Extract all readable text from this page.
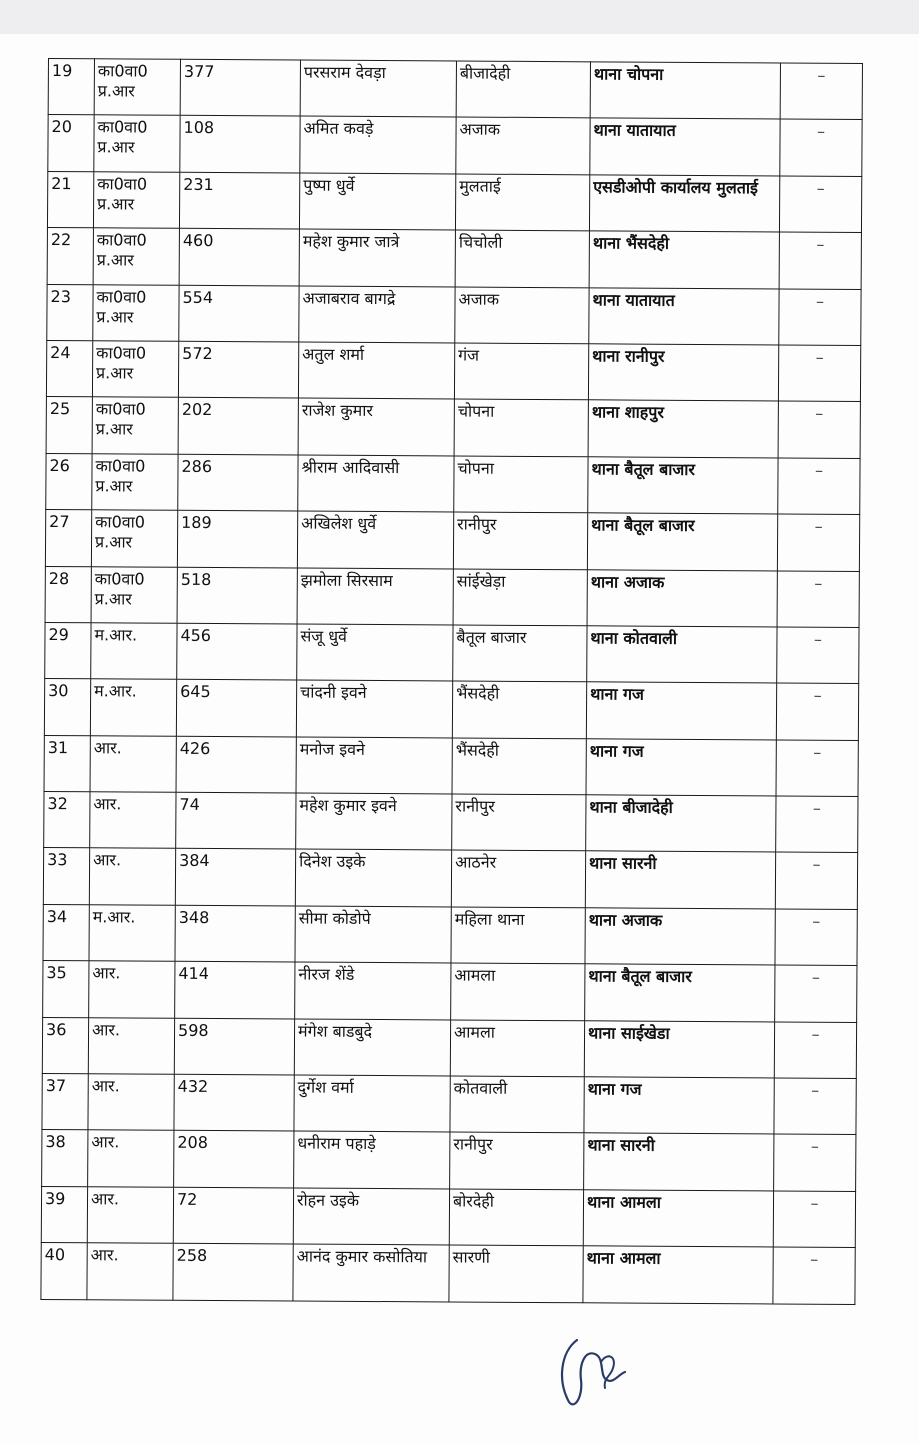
19	का0वा0 प्र.आर	377	परसराम देवड़ा	बीजादेही	थाना चोपना	–
20	का0वा0 प्र.आर	108	अमित कवड़े	अजाक	थाना यातायात	–
21	का0वा0 प्र.आर	231	पुष्पा धुर्वे	मुलताई	एसडीओपी कार्यालय मुलताई	–
22	का0वा0 प्र.आर	460	महेश कुमार जात्रे	चिचोली	थाना भैंसदेही	–
23	का0वा0 प्र.आर	554	अजाबराव बागद्रे	अजाक	थाना यातायात	–
24	का0वा0 प्र.आर	572	अतुल शर्मा	गंज	थाना रानीपुर	–
25	का0वा0 प्र.आर	202	राजेश कुमार	चोपना	थाना शाहपुर	–
26	का0वा0 प्र.आर	286	श्रीराम आदिवासी	चोपना	थाना बैतूल बाजार	–
27	का0वा0 प्र.आर	189	अखिलेश धुर्वे	रानीपुर	थाना बैतूल बाजार	–
28	का0वा0 प्र.आर	518	झमोला सिरसाम	सांईखेड़ा	थाना अजाक	–
29	म.आर.	456	संजू धुर्वे	बैतूल बाजार	थाना कोतवाली	–
30	म.आर.	645	चांदनी इवने	भैंसदेही	थाना गज	–
31	आर.	426	मनोज इवने	भैंसदेही	थाना गज	–
32	आर.	74	महेश कुमार इवने	रानीपुर	थाना बीजादेही	–
33	आर.	384	दिनेश उइके	आठनेर	थाना सारनी	–
34	म.आर.	348	सीमा कोडोपे	महिला थाना	थाना अजाक	–
35	आर.	414	नीरज शेंडे	आमला	थाना बैतूल बाजार	–
36	आर.	598	मंगेश बाडबुदे	आमला	थाना साईखेडा	–
37	आर.	432	दुर्गेश वर्मा	कोतवाली	थाना गज	–
38	आर.	208	धनीराम पहाड़े	रानीपुर	थाना सारनी	–
39	आर.	72	रोहन उइके	बोरदेही	थाना आमला	–
40	आर.	258	आनंद कुमार कसोतिया	सारणी	थाना आमला	–
